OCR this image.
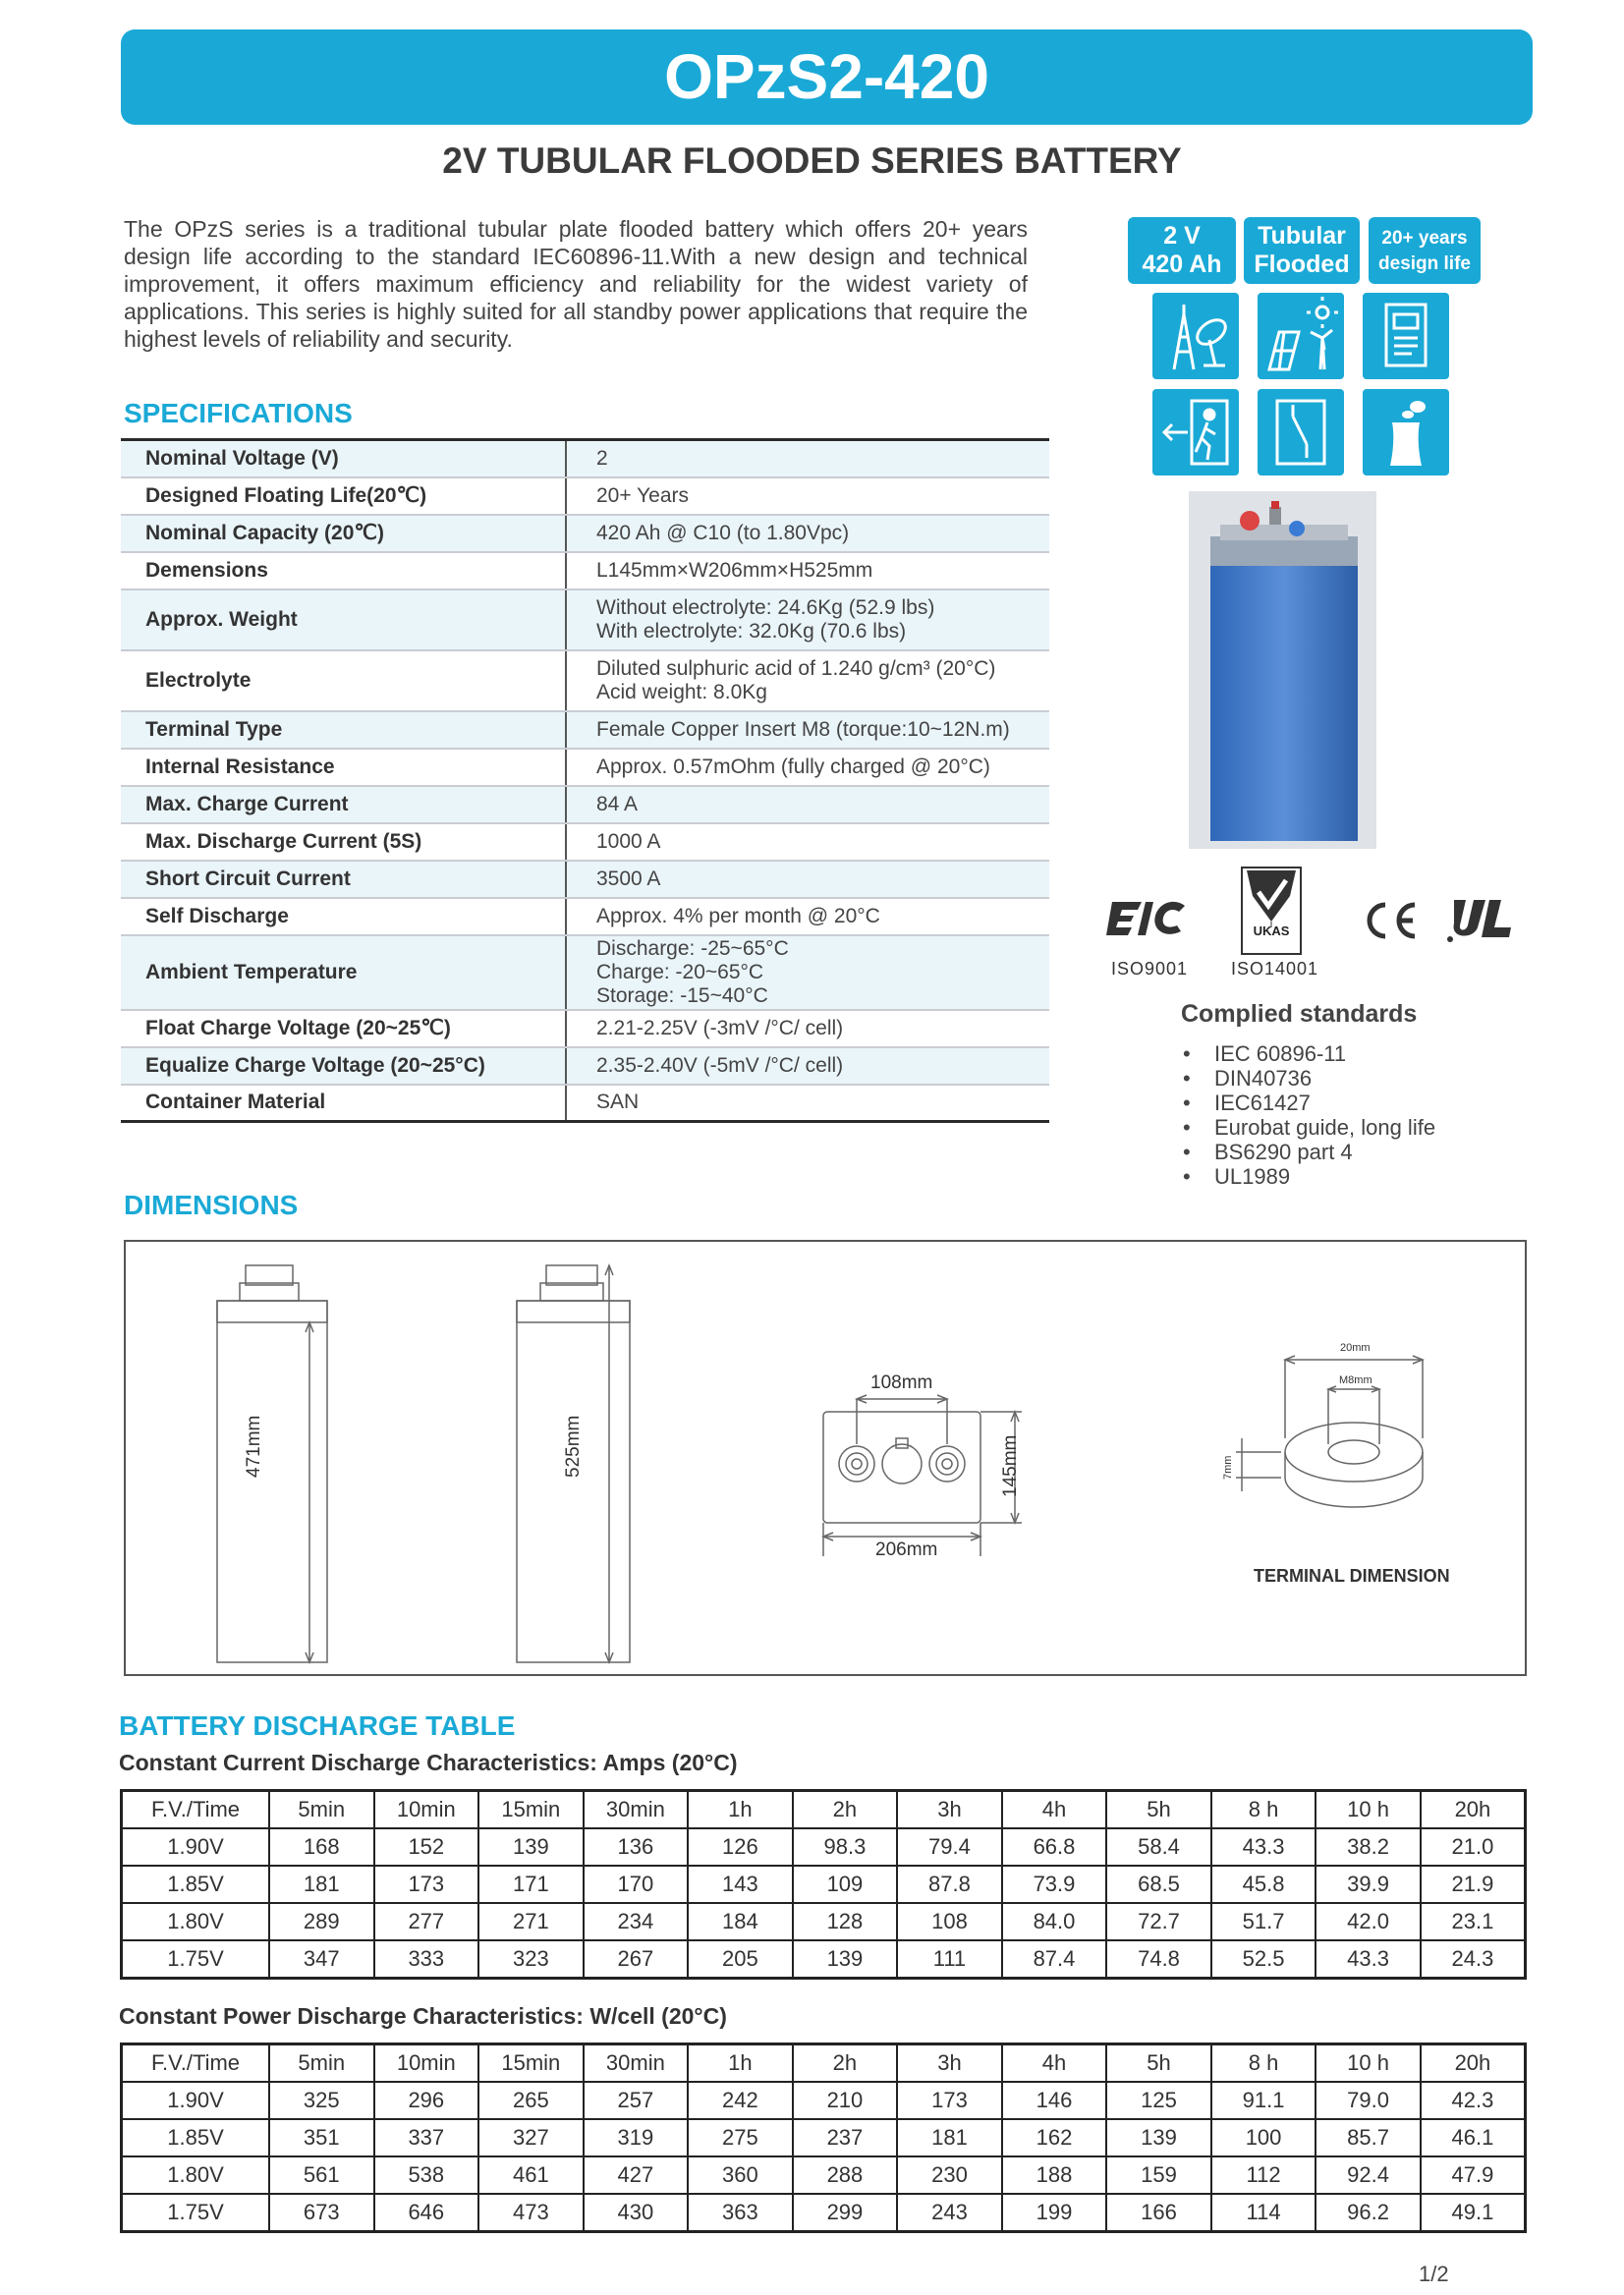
OPzS2-420
2V TUBULAR FLOODED SERIES BATTERY
The OPzS series is a traditional tubular plate flooded battery which offers 20+ years design life according to the standard IEC60896-11.With a new design and technical improvement, it offers maximum efficiency and reliability for the widest variety of applications. This series is highly suited for all standby power applications that require the highest levels of reliability and security.
2 V
420 Ah
Tubular
Flooded
20+ years
design life
UKAS
ISO9001 ISO14001
Complied standards
• IEC 60896-11
• DIN40736
• IEC61427
• Eurobat guide, long life
• BS6290 part 4
• UL1989
SPECIFICATIONS
Nominal Voltage (V)	2
Designed Floating Life(20℃)	20+ Years
Nominal Capacity (20℃)	420 Ah @ C10 (to 1.80Vpc)
Demensions	L145mm×W206mm×H525mm
Approx. Weight	Without electrolyte: 24.6Kg (52.9 lbs)
With electrolyte: 32.0Kg (70.6 lbs)
Electrolyte	Diluted sulphuric acid of 1.240 g/cm³ (20°C)
Acid weight: 8.0Kg
Terminal Type	Female Copper Insert M8 (torque:10~12N.m)
Internal Resistance	Approx. 0.57mOhm (fully charged @ 20°C)
Max. Charge Current	84 A
Max. Discharge Current (5S)	1000 A
Short Circuit Current	3500 A
Self Discharge	Approx. 4% per month @ 20°C
Ambient Temperature	Discharge: -25~65°C
Charge: -20~65°C
Storage: -15~40°C
Float Charge Voltage (20~25℃)	2.21-2.25V (-3mV /°C/ cell)
Equalize Charge Voltage (20~25°C)	2.35-2.40V (-5mV /°C/ cell)
Container Material	SAN
DIMENSIONS
471mm	525mm
108mm
206mm
145mm
20mm
M8mm
7mm
TERMINAL DIMENSION
BATTERY DISCHARGE TABLE
Constant Current Discharge Characteristics: Amps (20°C)
F.V./Time	5min	10min	15min	30min	1h	2h	3h	4h	5h	8 h	10 h	20h
1.90V	168	152	139	136	126	98.3	79.4	66.8	58.4	43.3	38.2	21.0
1.85V	181	173	171	170	143	109	87.8	73.9	68.5	45.8	39.9	21.9
1.80V	289	277	271	234	184	128	108	84.0	72.7	51.7	42.0	23.1
1.75V	347	333	323	267	205	139	111	87.4	74.8	52.5	43.3	24.3
Constant Power Discharge Characteristics: W/cell (20°C)
F.V./Time	5min	10min	15min	30min	1h	2h	3h	4h	5h	8 h	10 h	20h
1.90V	325	296	265	257	242	210	173	146	125	91.1	79.0	42.3
1.85V	351	337	327	319	275	237	181	162	139	100	85.7	46.1
1.80V	561	538	461	427	360	288	230	188	159	112	92.4	47.9
1.75V	673	646	473	430	363	299	243	199	166	114	96.2	49.1
1/2
